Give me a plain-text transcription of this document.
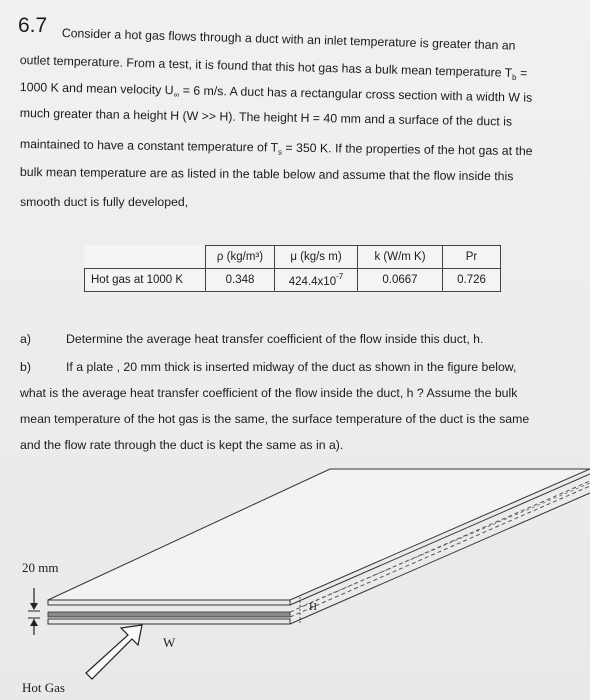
6.7
Consider a hot gas flows through a duct with an inlet temperature is greater than an
outlet temperature. From a test, it is found that this hot gas has a bulk mean temperature $T_b$ =
1000 K and mean velocity $U_\infty = 6$ m/s. A duct has a rectangular cross section with a width W is
much greater than a height H (W >> H). The height H = 40 mm and a surface of the duct is
maintained to have a constant temperature of $T_s = 350$ K. If the properties of the hot gas at the
bulk mean temperature are as listed in the table below and assume that the flow inside this
smooth duct is fully developed,
	ρ (kg/m³)	μ (kg/s m)	k (W/m K)	Pr
Hot gas at 1000 K	0.348	$424.4x10^{-7}$	0.0667	0.726
a)	Determine the average heat transfer coefficient of the flow inside this duct, h.
b)	If a plate , 20 mm thick is inserted midway of the duct as shown in the figure below,
what is the average heat transfer coefficient of the flow inside the duct, h ? Assume the bulk
mean temperature of the hot gas is the same, the surface temperature of the duct is the same
and the flow rate through the duct is kept the same as in a).
20 mm
W
H
Hot Gas
